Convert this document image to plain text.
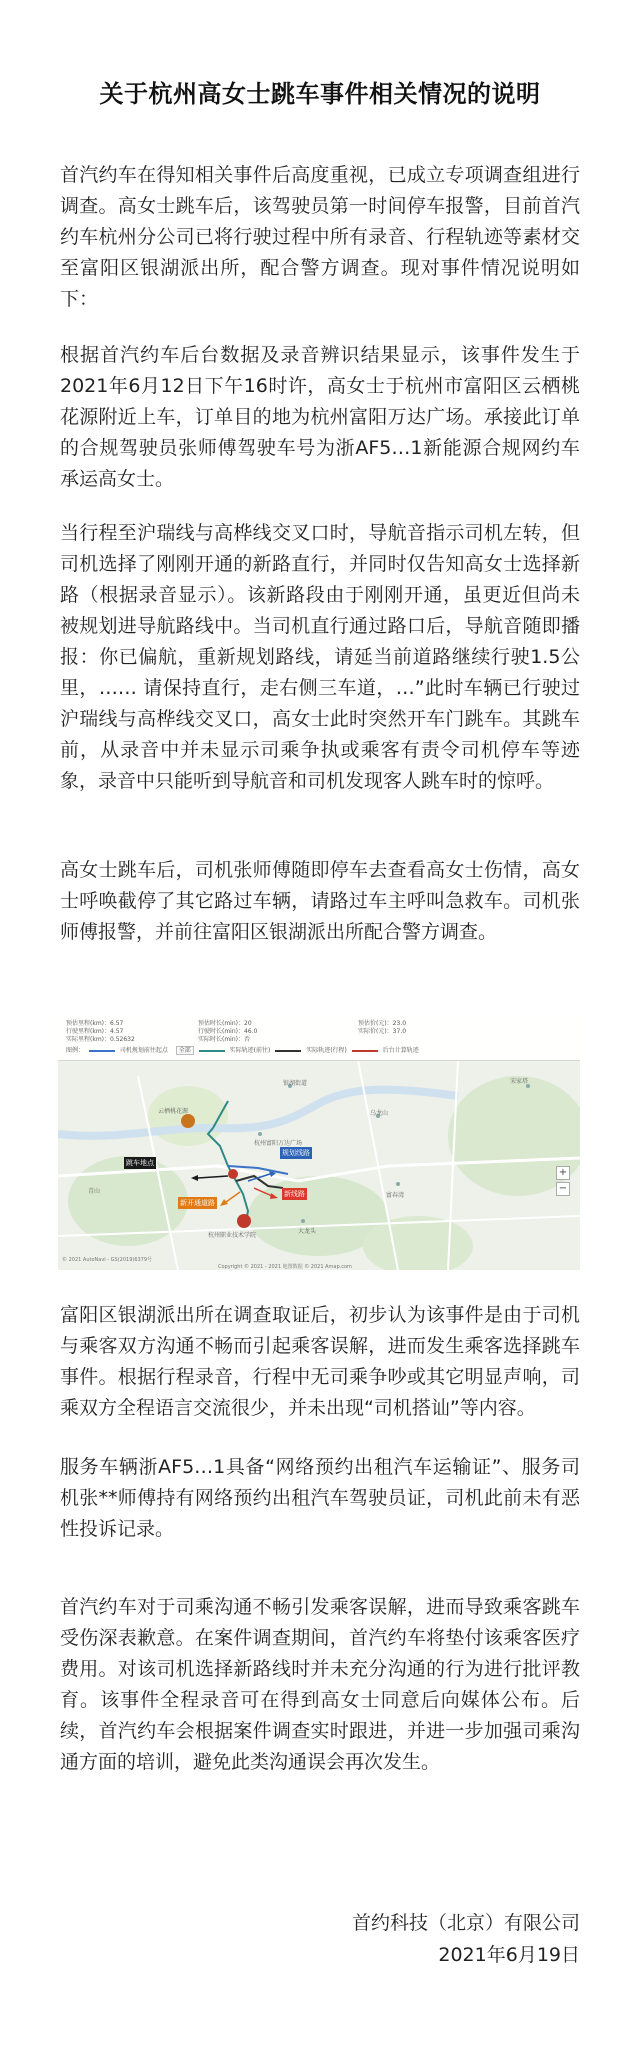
关于杭州高女士跳车事件相关情况的说明

首汽约车在得知相关事件后高度重视，已成立专项调查组进行调查。高女士跳车后，该驾驶员第一时间停车报警，目前首汽约车杭州分公司已将行驶过程中所有录音、行程轨迹等素材交至富阳区银湖派出所，配合警方调查。现对事件情况说明如下：

根据首汽约车后台数据及录音辨识结果显示，该事件发生于2021年6月12日下午16时许，高女士于杭州市富阳区云栖桃花源附近上车，订单目的地为杭州富阳万达广场。承接此订单的合规驾驶员张师傅驾驶车号为浙AF5…1新能源合规网约车承运高女士。

当行程至沪瑞线与高桦线交叉口时，导航音指示司机左转，但司机选择了刚刚开通的新路直行，并同时仅告知高女士选择新路（根据录音显示）。该新路段由于刚刚开通，虽更近但尚未被规划进导航路线中。当司机直行通过路口后，导航音随即播报：你已偏航，重新规划路线，请延当前道路继续行驶1.5公里，…… 请保持直行，走右侧三车道，…”此时车辆已行驶过沪瑞线与高桦线交叉口，高女士此时突然开车门跳车。其跳车前，从录音中并未显示司乘争执或乘客有责令司机停车等迹象，录音中只能听到导航音和司机发现客人跳车时的惊呼。

高女士跳车后，司机张师傅随即停车去查看高女士伤情，高女士呼唤截停了其它路过车辆，请路过车主呼叫急救车。司机张师傅报警，并前往富阳区银湖派出所配合警方调查。

预估里程(km)：6.57
行驶里程(km)：4.57
实际里程(km)：0.52632
预估时长(min)：20
行驶时长(min)：46.0
实际时长(min)：否
预估价(元)：23.0
实际价(元)：37.0
图例：	司机规划前往起点 全部	实际轨迹(前往)	实际轨迹(行程)	后台计算轨迹
跳车地点
规划线路
新开通道路
新线路
杭州富阳万达广场
宋家塔
云栖桃花源
银湖街道
杭州职业技术学院
富春湾
大龙头
乌龙山
青山
+
−
© 2021 AutoNavi - GS(2019)6379号
Copyright © 2021 - 2021 地图数据 © 2021 Amap.com

富阳区银湖派出所在调查取证后，初步认为该事件是由于司机与乘客双方沟通不畅而引起乘客误解，进而发生乘客选择跳车事件。根据行程录音，行程中无司乘争吵或其它明显声响，司乘双方全程语言交流很少，并未出现“司机搭讪”等内容。

服务车辆浙AF5…1具备“网络预约出租汽车运输证”、服务司机张**师傅持有网络预约出租汽车驾驶员证，司机此前未有恶性投诉记录。

首汽约车对于司乘沟通不畅引发乘客误解，进而导致乘客跳车受伤深表歉意。在案件调查期间，首汽约车将垫付该乘客医疗费用。对该司机选择新路线时并未充分沟通的行为进行批评教育。该事件全程录音可在得到高女士同意后向媒体公布。后续，首汽约车会根据案件调查实时跟进，并进一步加强司乘沟通方面的培训，避免此类沟通误会再次发生。

首约科技（北京）有限公司
2021年6月19日
